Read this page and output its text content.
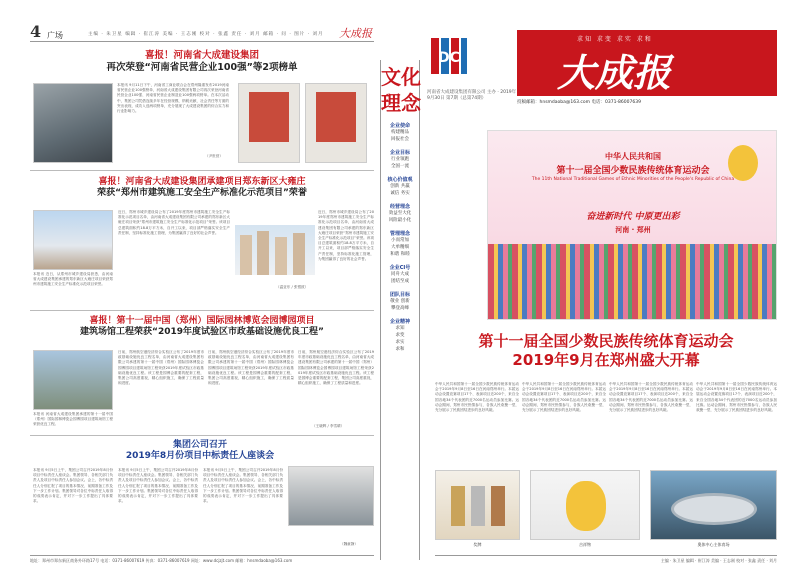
4 广场	主编 · 朱卫星 编辑 · 崔江涛 美编 · 王志刚 校对 · 张鑫 责任 · 刘月 邮箱 · 问 · 图片 · 刘月 大成报
喜报！河南省大成建设集团
再次荣登“河南省民营企业100强”等2项榜单
本报讯 9月11日下午，河南省工商业联合会在郑州隆重发布2019河南省民营企业100强榜单，河南省大成建设集团有限公司再次荣登河南省民营企业100强、河南省民营企业制造业100强两项榜单。在本次活动中，集团公司凭借连续多年在经营规模、纳税贡献、社会责任等方面的突出表现，成功入选两项榜单，充分展现了大成建设集团的综合实力和行业影响力。
（尹世营）
喜报！河南省大成建设集团承建项目郑东新区大雍庄
荣获“郑州市建筑施工安全生产标准化示范项目”荣誉
本报讯 近日，从郑州市城乡建设局获悉，由河南省大成建设集团承建的郑东新区大雍庄项目荣获郑州市建筑施工安全生产标准化示范项目荣誉。
近日，郑州市城乡建设局公布了2019年度郑州市建筑施工安全生产标准化示范项目名单，由河南省大成建设集团有限公司承建的郑东新区大雍庄项目荣获“郑州市建筑施工安全生产标准化示范项目”荣誉。该项目总建筑面积约18.8万平方米，自开工以来，项目部严格落实安全生产责任制，坚持标准化施工管理，为集团赢得了良好的社会声誉。
近日，郑州市城乡建设局公布了2019年度郑州市建筑施工安全生产标准化示范项目名单，由河南省大成建设集团有限公司承建的郑东新区大雍庄项目荣获“郑州市建筑施工安全生产标准化示范项目”荣誉。该项目总建筑面积约18.8万平方米，自开工以来，项目部严格落实安全生产责任制，坚持标准化施工管理，为集团赢得了良好的社会声誉。
（温亚东 / 张银波）
喜报！第十一届中国（郑州）国际园林博览会园博园项目
建筑场馆工程荣获“2019年度试验区市政基础设施优良工程”
本报讯 河南省大成建设集团承建的第十一届中国（郑州）国际园林博览会园博园项目建筑场馆工程荣获优良工程。
日前，郑州航空港经济综合实验区公布了2019年度市政基础设施优良工程名单，由河南省大成建设集团有限公司承建的第十一届中国（郑州）国际园林博览会园博园项目建筑场馆工程荣获2019年度试验区市政基础设施优良工程。该工程是园博会重要的配套工程，集团公司高度重视，精心组织施工，确保了工程质量和进度。
日前，郑州航空港经济综合实验区公布了2019年度市政基础设施优良工程名单，由河南省大成建设集团有限公司承建的第十一届中国（郑州）国际园林博览会园博园项目建筑场馆工程荣获2019年度试验区市政基础设施优良工程。该工程是园博会重要的配套工程，集团公司高度重视，精心组织施工，确保了工程质量和进度。
日前，郑州航空港经济综合实验区公布了2019年度市政基础设施优良工程名单，由河南省大成建设集团有限公司承建的第十一届中国（郑州）国际园林博览会园博园项目建筑场馆工程荣获2019年度试验区市政基础设施优良工程。该工程是园博会重要的配套工程，集团公司高度重视，精心组织施工，确保了工程质量和进度。
（王晓辉 / 李雪晴）
集团公司召开
2019年8月份项目中标责任人座谈会
本报讯 9月5日上午，集团公司召开2019年8月份项目中标责任人座谈会。集团领导、各相关部门负责人及项目中标责任人参加会议。会上，各中标责任人分别汇报了项目的基本情况、前期准备工作及下一步工作计划。集团领导对各位中标责任人取得的成绩表示肯定，并对下一步工作提出了具体要求。
本报讯 9月5日上午，集团公司召开2019年8月份项目中标责任人座谈会。集团领导、各相关部门负责人及项目中标责任人参加会议。会上，各中标责任人分别汇报了项目的基本情况、前期准备工作及下一步工作计划。集团领导对各位中标责任人取得的成绩表示肯定，并对下一步工作提出了具体要求。
本报讯 9月5日上午，集团公司召开2019年8月份项目中标责任人座谈会。集团领导、各相关部门负责人及项目中标责任人参加会议。会上，各中标责任人分别汇报了项目的基本情况、前期准备工作及下一步工作计划。集团领导对各位中标责任人取得的成绩表示肯定，并对下一步工作提出了具体要求。
（魏童静）
文化理念
企业使命
构建精品
回报社会
企业目标
行业领跑
全国一流
核心价值观
创新 共赢
诚信 务实
经营理念
效益至大化
风险最小化
管理理念
小而常加
大单精细
和谐 和睦
企业CI号
同舟大成
团结至成
团队目标
敬业 创新
攀登高峰
企业精神
求知
求变
求实
求和
DC
河南省大成建设集团有限公司 主办 · 2019年9月30日 第7期（总第74期）
求知 求变 求实 求和
大成报
投稿邮箱：hnsmdaoba@163.com 电话：0371-86007639
中华人民共和国
第十一届全国少数民族传统体育运动会
The 11th National Traditional Games of Ethnic Minorities of the People's Republic of China
奋进新时代 中原更出彩
河南 · 郑州
第十一届全国少数民族传统体育运动会
2019年9月在郑州盛大开幕
中华人民共和国第十一届全国少数民族传统体育运动会于2019年9月8日至16日在河南郑州举行。本届运动会设置竞赛项目17个、表演项目近200个，来自全国各地34个代表团的近7000名运动员参加比赛。运动会期间，郑州市民热情参与，各族人民欢聚一堂，充分展示了民族团结进步的良好风貌。
中华人民共和国第十一届全国少数民族传统体育运动会于2019年9月8日至16日在河南郑州举行。本届运动会设置竞赛项目17个、表演项目近200个，来自全国各地34个代表团的近7000名运动员参加比赛。运动会期间，郑州市民热情参与，各族人民欢聚一堂，充分展示了民族团结进步的良好风貌。
中华人民共和国第十一届全国少数民族传统体育运动会于2019年9月8日至16日在河南郑州举行。本届运动会设置竞赛项目17个、表演项目近200个，来自全国各地34个代表团的近7000名运动员参加比赛。运动会期间，郑州市民热情参与，各族人民欢聚一堂，充分展示了民族团结进步的良好风貌。
中华人民共和国第十一届全国少数民族传统体育运动会于2019年9月8日至16日在河南郑州举行。本届运动会设置竞赛项目17个、表演项目近200个，来自全国各地34个代表团的近7000名运动员参加比赛。运动会期间，郑州市民热情参与，各族人民欢聚一堂，充分展示了民族团结进步的良好风貌。
奖牌	吉祥物	奥体中心主体育场
地址：郑州市郑东新区商务外环路17号 电话：0371-86007619 传真：0371-86007619 网址：www.dcjzjt.com 邮箱：hnsmdaoba@163.com	主编 · 朱卫星 编辑 · 崔江涛 美编 · 王志刚 校对 · 张鑫 责任 · 刘月
